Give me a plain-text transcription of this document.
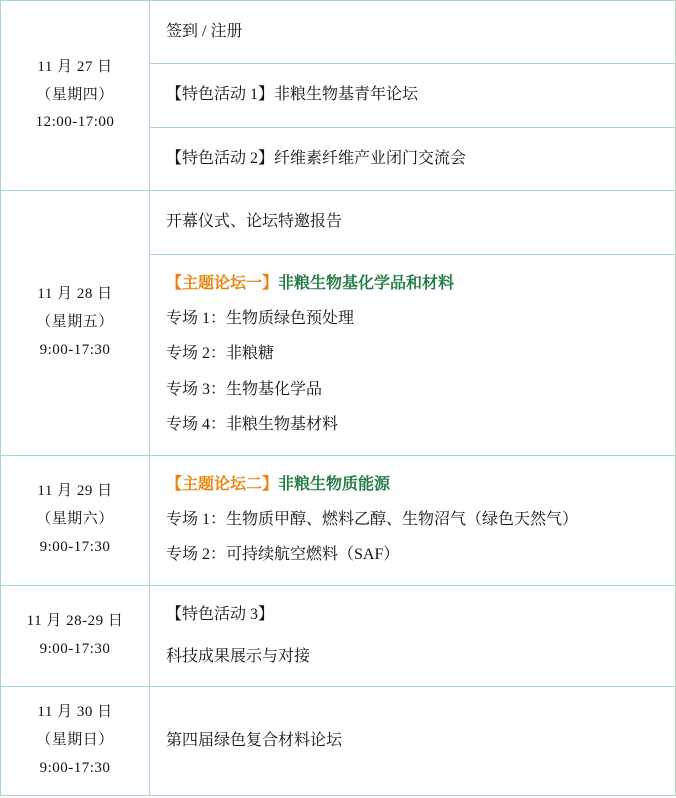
11 月 27 日
（星期四）
12:00-17:00	签到 / 注册

	【特色活动 1】非粮生物基青年论坛

	【特色活动 2】纤维素纤维产业闭门交流会

11 月 28 日
（星期五）
9:00-17:30	开幕仪式、论坛特邀报告

	【主题论坛一】非粮生物基化学品和材料
专场 1：生物质绿色预处理
专场 2：非粮糖
专场 3：生物基化学品
专场 4：非粮生物基材料

11 月 29 日
（星期六）
9:00-17:30	【主题论坛二】非粮生物质能源
专场 1：生物质甲醇、燃料乙醇、生物沼气（绿色天然气）
专场 2：可持续航空燃料（SAF）

11 月 28-29 日
9:00-17:30	【特色活动 3】
科技成果展示与对接

11 月 30 日
（星期日）
9:00-17:30	第四届绿色复合材料论坛
